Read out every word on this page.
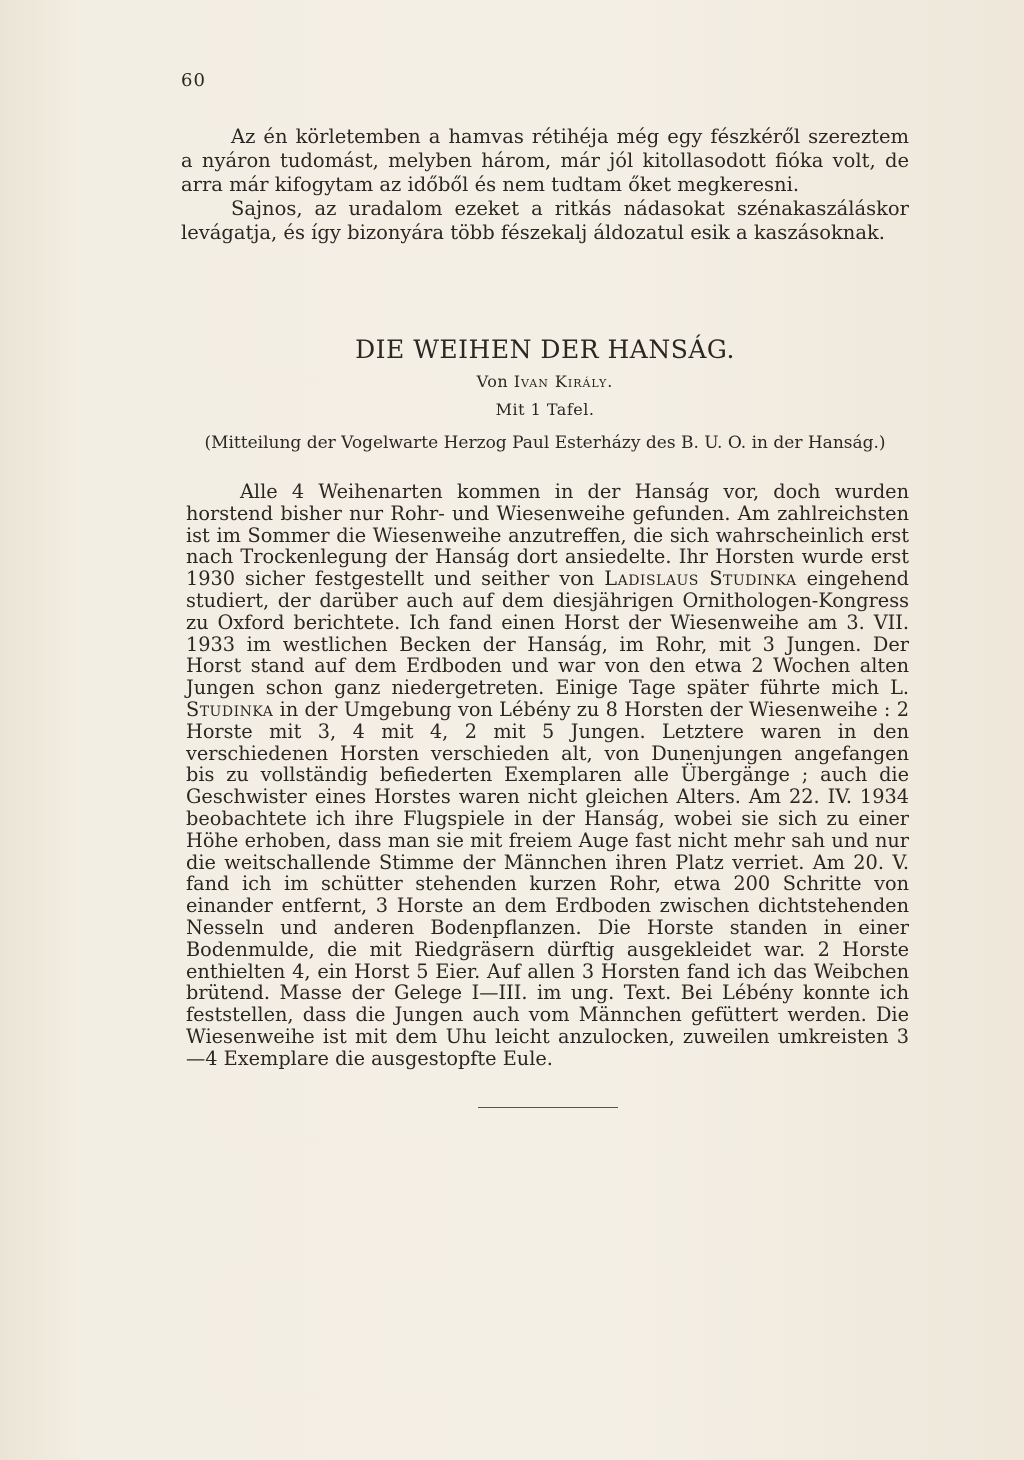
60

Az én körletemben a hamvas rétihéja még egy fészkéről szereztem a nyáron tudomást, melyben három, már jól kitollasodott fióka volt, de arra már kifogytam az időből és nem tudtam őket megkeresni.

Sajnos, az uradalom ezeket a ritkás nádasokat szénakaszáláskor levágatja, és így bizonyára több fészekalj áldozatul esik a kaszásoknak.

DIE WEIHEN DER HANSÁG.
Von Ivan Király.
Mit 1 Tafel.
(Mitteilung der Vogelwarte Herzog Paul Esterházy des B. U. O. in der Hanság.)

Alle 4 Weihenarten kommen in der Hanság vor, doch wurden horstend bisher nur Rohr- und Wiesenweihe gefunden. Am zahlreichsten ist im Sommer die Wiesenweihe anzutreffen, die sich wahrscheinlich erst nach Trockenlegung der Hanság dort ansiedelte. Ihr Horsten wurde erst 1930 sicher festgestellt und seither von Ladislaus Studinka eingehend studiert, der darüber auch auf dem diesjährigen Ornithologen-Kongress zu Oxford berichtete. Ich fand einen Horst der Wiesenweihe am 3. VII. 1933 im westlichen Becken der Hanság, im Rohr, mit 3 Jungen. Der Horst stand auf dem Erdboden und war von den etwa 2 Wochen alten Jungen schon ganz niedergetreten. Einige Tage später führte mich L. Studinka in der Umgebung von Lébény zu 8 Horsten der Wiesenweihe : 2 Horste mit 3, 4 mit 4, 2 mit 5 Jungen. Letztere waren in den verschiedenen Horsten verschieden alt, von Dunenjungen angefangen bis zu vollständig befiederten Exemplaren alle Übergänge ; auch die Geschwister eines Horstes waren nicht gleichen Alters. Am 22. IV. 1934 beobachtete ich ihre Flugspiele in der Hanság, wobei sie sich zu einer Höhe erhoben, dass man sie mit freiem Auge fast nicht mehr sah und nur die weitschallende Stimme der Männchen ihren Platz verriet. Am 20. V. fand ich im schütter stehenden kurzen Rohr, etwa 200 Schritte von einander entfernt, 3 Horste an dem Erdboden zwischen dichtstehenden Nesseln und anderen Bodenpflanzen. Die Horste standen in einer Bodenmulde, die mit Riedgräsern dürftig ausgekleidet war. 2 Horste enthielten 4, ein Horst 5 Eier. Auf allen 3 Horsten fand ich das Weibchen brütend. Masse der Gelege I—III. im ung. Text. Bei Lébény konnte ich feststellen, dass die Jungen auch vom Männchen gefüttert werden. Die Wiesenweihe ist mit dem Uhu leicht anzulocken, zuweilen umkreisten 3—4 Exemplare die ausgestopfte Eule.
